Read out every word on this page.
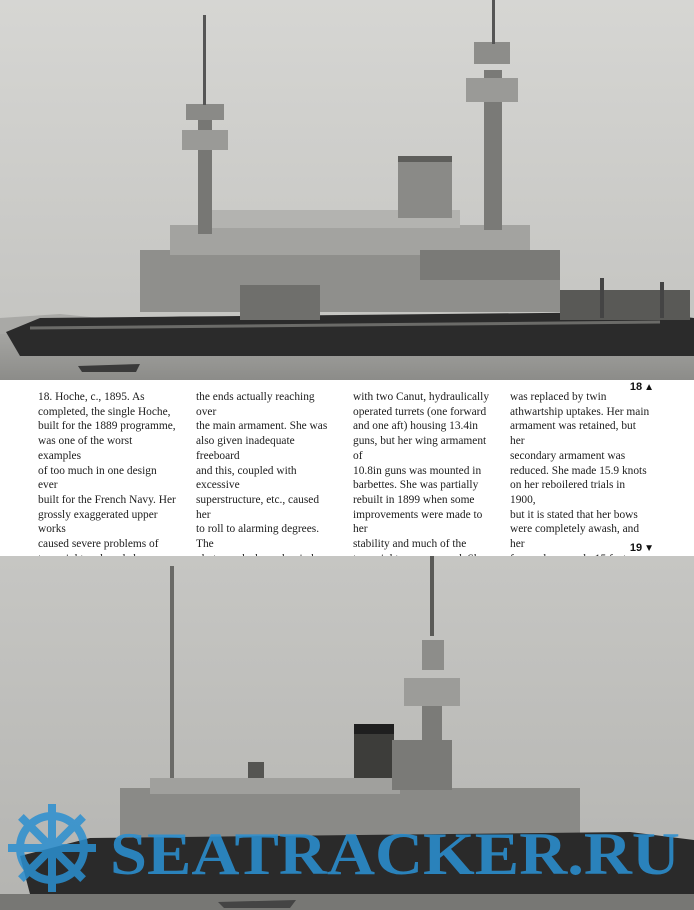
18 ▲

18. Hoche, c., 1895. As

completed, the single Hoche,

built for the 1889 programme,

was one of the worst examples

of too much in one design ever

built for the French Navy. Her

grossly exaggerated upper works

caused severe problems of

the ends actually reaching over

the main armament. She was

also given inadequate freeboard

and this, coupled with excessive

superstructure, etc., caused her

to roll to alarming degrees. The

with two Canut, hydraulically

operated turrets (one forward

and one aft) housing 13.4in

guns, but her wing armament of

10.8in guns was mounted in

barbettes. She was partially

rebuilt in 1899 when some

improvements were made to her

stability and much of the

was replaced by twin

athwartship uptakes. Her main

armament was retained, but her

secondary armament was

reduced. She made 15.9 knots

on her reboilered trials in 1900,

but it is stated that her bows

were completely awash, and her	19 ▼
SEATRACKER.RU
